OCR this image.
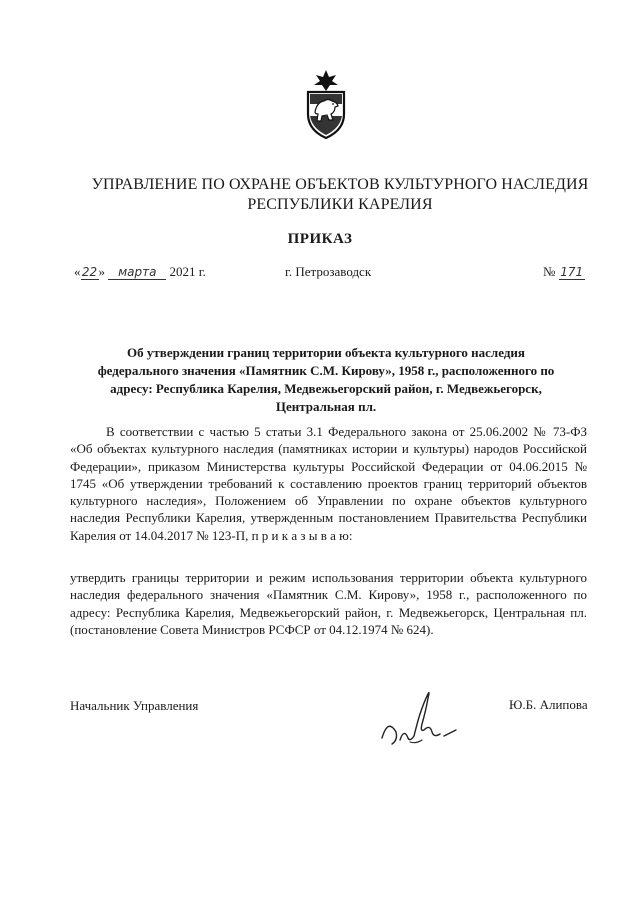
УПРАВЛЕНИЕ ПО ОХРАНЕ ОБЪЕКТОВ КУЛЬТУРНОГО НАСЛЕДИЯ
РЕСПУБЛИКИ КАРЕЛИЯ
ПРИКАЗ
«22» марта 2021 г.	г. Петрозаводск	№ 171
Об утверждении границ территории объекта культурного наследия федерального значения «Памятник С.М. Кирову», 1958 г., расположенного по адресу: Республика Карелия, Медвежьегорский район, г. Медвежьегорск, Центральная пл.

В соответствии с частью 5 статьи 3.1 Федерального закона от 25.06.2002 № 73-ФЗ «Об объектах культурного наследия (памятниках истории и культуры) народов Российской Федерации», приказом Министерства культуры Российской Федерации от 04.06.2015 № 1745 «Об утверждении требований к составлению проектов границ территорий объектов культурного наследия», Положением об Управлении по охране объектов культурного наследия Республики Карелия, утвержденным постановлением Правительства Республики Карелия от 14.04.2017 № 123-П, п р и к а з ы в а ю:

утвердить границы территории и режим использования территории объекта культурного наследия федерального значения «Памятник С.М. Кирову», 1958 г., расположенного по адресу: Республика Карелия, Медвежьегорский район, г. Медвежьегорск, Центральная пл. (постановление Совета Министров РСФСР от 04.12.1974 № 624).

Начальник Управления	Ю.Б. Алипова
